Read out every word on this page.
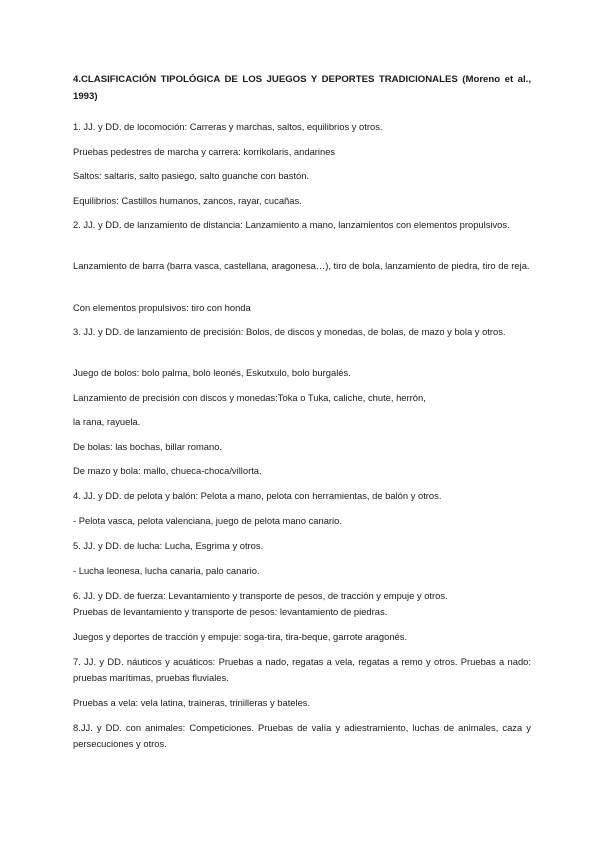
4.CLASIFICACIÓN TIPOLÓGICA DE LOS JUEGOS Y DEPORTES TRADICIONALES (Moreno et al., 1993)

1. JJ. y DD. de locomoción: Carreras y marchas, saltos, equilibrios y otros.

Pruebas pedestres de marcha y carrera: korrikolaris, andarines

Saltos: saltaris, salto pasiego, salto guanche con bastón.

Equilibrios: Castillos humanos, zancos, rayar, cucañas.

2. JJ. y DD. de lanzamiento de distancia: Lanzamiento a mano, lanzamientos con elementos propulsivos.

Lanzamiento de barra (barra vasca, castellana, aragonesa…), tiro de bola, lanzamiento de piedra, tiro de reja.

Con elementos propulsivos: tiro con honda

3. JJ. y DD. de lanzamiento de precisión: Bolos, de discos y monedas, de bolas, de mazo y bola y otros.

Juego de bolos: bolo palma, bolo leonés, Eskutxulo, bolo burgalés.

Lanzamiento de precisión con discos y monedas:Toka o Tuka, caliche, chute, herrón,

la rana, rayuela.

De bolas: las bochas, billar romano.

De mazo y bola: mallo, chueca-choca/villorta.

4. JJ. y DD. de pelota y balón: Pelota a mano, pelota con herramientas, de balón y otros.

- Pelota vasca, pelota valenciana, juego de pelota mano canario.

5. JJ. y DD. de lucha: Lucha, Esgrima y otros.

- Lucha leonesa, lucha canaria, palo canario.

6. JJ. y DD. de fuerza: Levantamiento y transporte de pesos, de tracción y empuje y otros.

Pruebas de levantamiento y transporte de pesos: levantamiento de piedras.

Juegos y deportes de tracción y empuje: soga-tira, tira-beque, garrote aragonés.

7. JJ. y DD. náuticos y acuáticos: Pruebas a nado, regatas a vela, regatas a remo y otros. Pruebas a nado: pruebas marítimas, pruebas fluviales.

Pruebas a vela: vela latina, traineras, trinilleras y bateles.

8.JJ. y DD. con animales: Competiciones. Pruebas de valía y adiestramiento, luchas de animales, caza y persecuciones y otros.
